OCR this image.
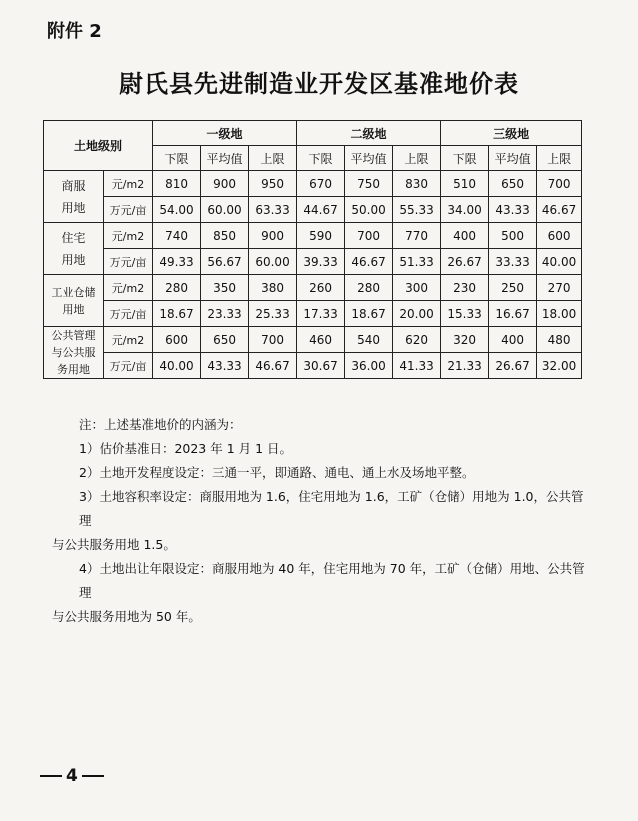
附件 2
尉氏县先进制造业开发区基准地价表
土地级别		一级地			二级地			三级地		
		下限	平均值	上限	下限	平均值	上限	下限	平均值	上限

商服
用地	元/m2	810	900	950	670	750	830	510	650	700
	万元/亩	54.00	60.00	63.33	44.67	50.00	55.33	34.00	43.33	46.67

住宅
用地	元/m2	740	850	900	590	700	770	400	500	600
	万元/亩	49.33	56.67	60.00	39.33	46.67	51.33	26.67	33.33	40.00

工业仓储
用地	元/m2	280	350	380	260	280	300	230	250	270
	万元/亩	18.67	23.33	25.33	17.33	18.67	20.00	15.33	16.67	18.00

公共管理
与公共服
务用地	元/m2	600	650	700	460	540	620	320	400	480
	万元/亩	40.00	43.33	46.67	30.67	36.00	41.33	21.33	26.67	32.00

注：上述基准地价的内涵为：

1）估价基准日：2023 年 1 月 1 日。

2）土地开发程度设定：三通一平，即通路、通电、通上水及场地平整。

3）土地容积率设定：商服用地为 1.6，住宅用地为 1.6，工矿（仓储）用地为 1.0，公共管理

与公共服务用地 1.5。

4）土地出让年限设定：商服用地为 40 年，住宅用地为 70 年，工矿（仓储）用地、公共管理

与公共服务用地为 50 年。

4
